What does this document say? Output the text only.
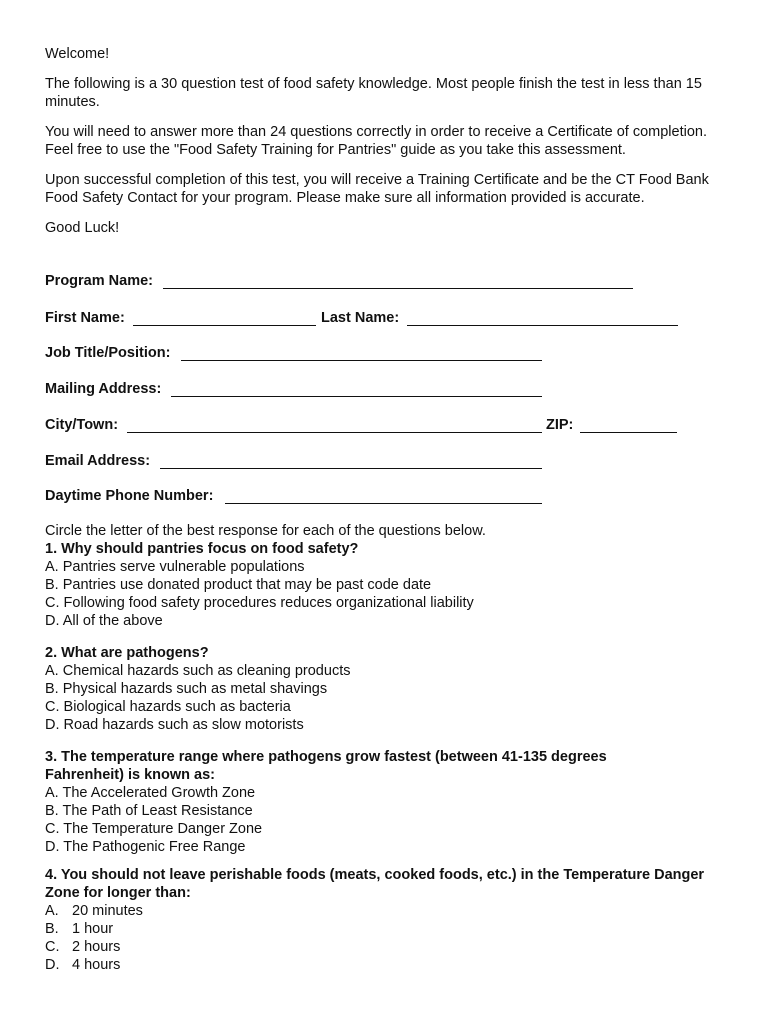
Welcome!

The following is a 30 question test of food safety knowledge. Most people finish the test in less than 15 minutes.

You will need to answer more than 24 questions correctly in order to receive a Certificate of completion. Feel free to use the "Food Safety Training for Pantries" guide as you take this assessment.

Upon successful completion of this test, you will receive a Training Certificate and be the CT Food Bank Food Safety Contact for your program. Please make sure all information provided is accurate.

Good Luck!

Program Name:
First Name:	Last Name:
Job Title/Position:
Mailing Address:
City/Town:	ZIP:
Email Address:
Daytime Phone Number:
Circle the letter of the best response for each of the questions below.
1. Why should pantries focus on food safety?
A. Pantries serve vulnerable populations
B. Pantries use donated product that may be past code date
C. Following food safety procedures reduces organizational liability
D. All of the above
2. What are pathogens?
A. Chemical hazards such as cleaning products
B. Physical hazards such as metal shavings
C. Biological hazards such as bacteria
D. Road hazards such as slow motorists
3. The temperature range where pathogens grow fastest (between 41-135 degrees Fahrenheit) is known as:
A. The Accelerated Growth Zone
B. The Path of Least Resistance
C. The Temperature Danger Zone
D. The Pathogenic Free Range
4. You should not leave perishable foods (meats, cooked foods, etc.) in the Temperature Danger Zone for longer than:
A. 20 minutes
B. 1 hour
C. 2 hours
D. 4 hours
